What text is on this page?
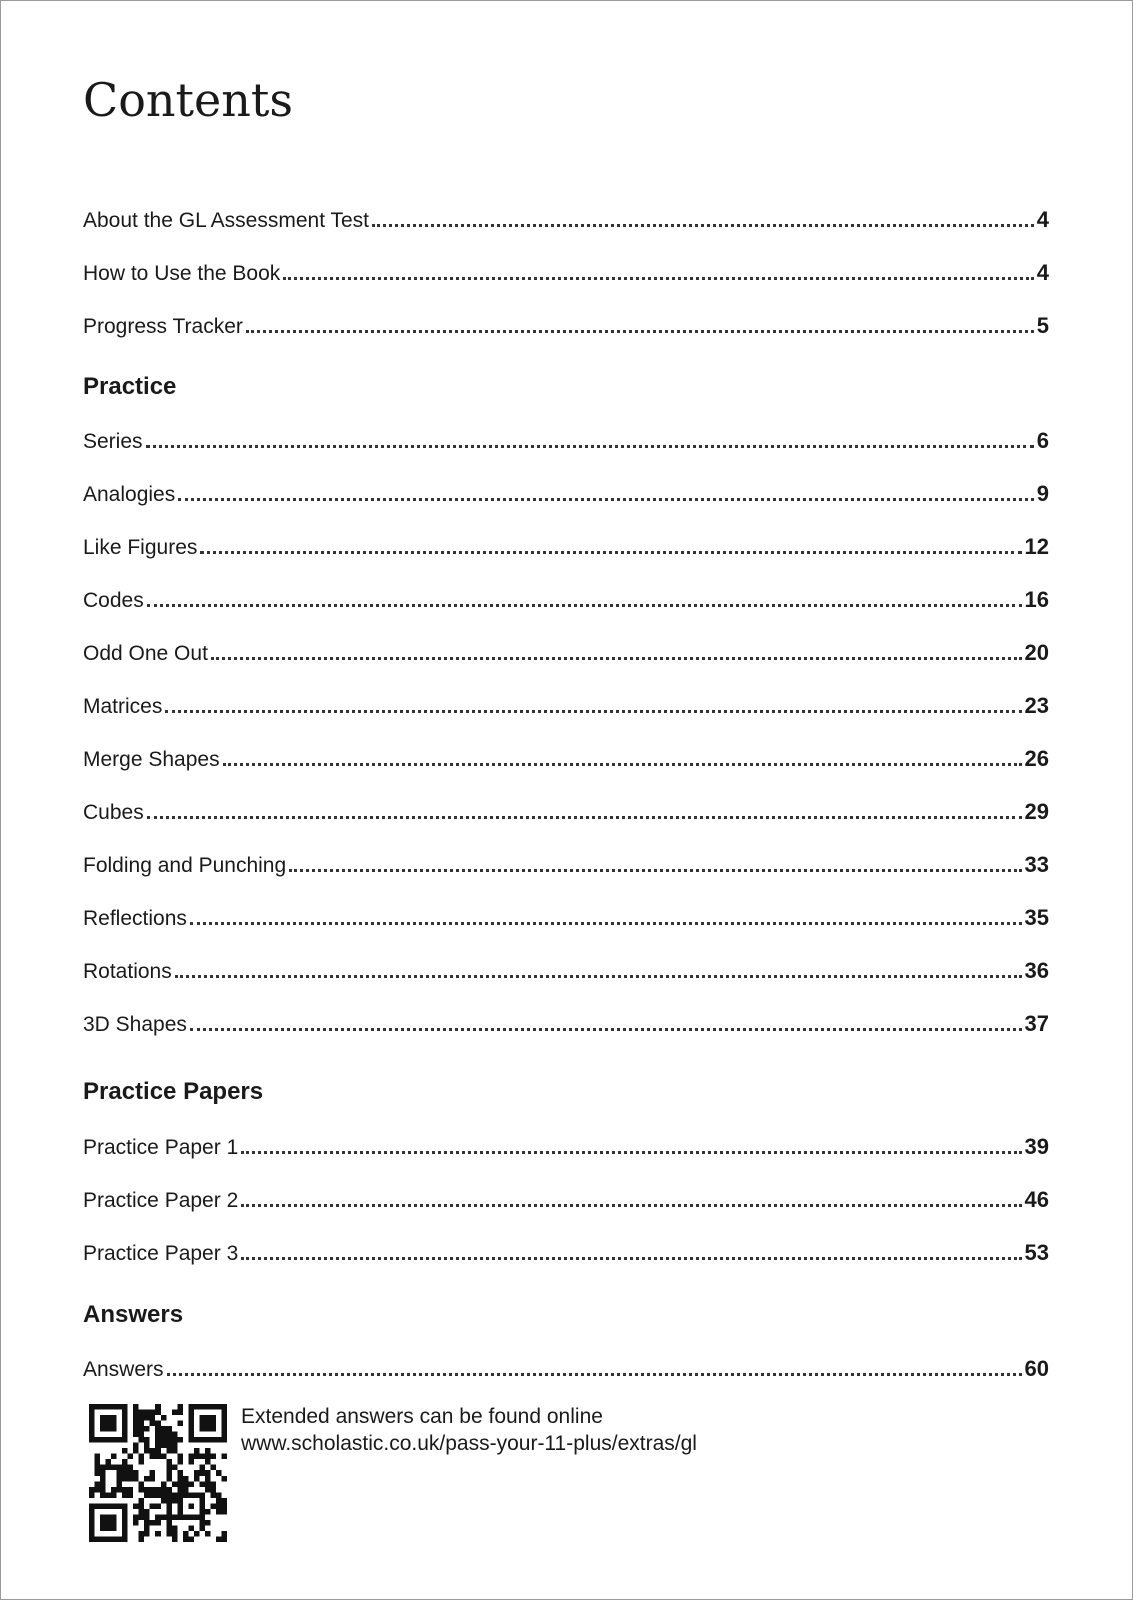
Contents
About the GL Assessment Test	4
How to Use the Book	4
Progress Tracker	5
Practice
Series	6
Analogies	9
Like Figures	12
Codes	16
Odd One Out	20
Matrices	23
Merge Shapes	26
Cubes	29
Folding and Punching	33
Reflections	35
Rotations	36
3D Shapes	37
Practice Papers
Practice Paper 1	39
Practice Paper 2	46
Practice Paper 3	53
Answers
Answers	60
Extended answers can be found online
www.scholastic.co.uk/pass-your-11-plus/extras/gl
